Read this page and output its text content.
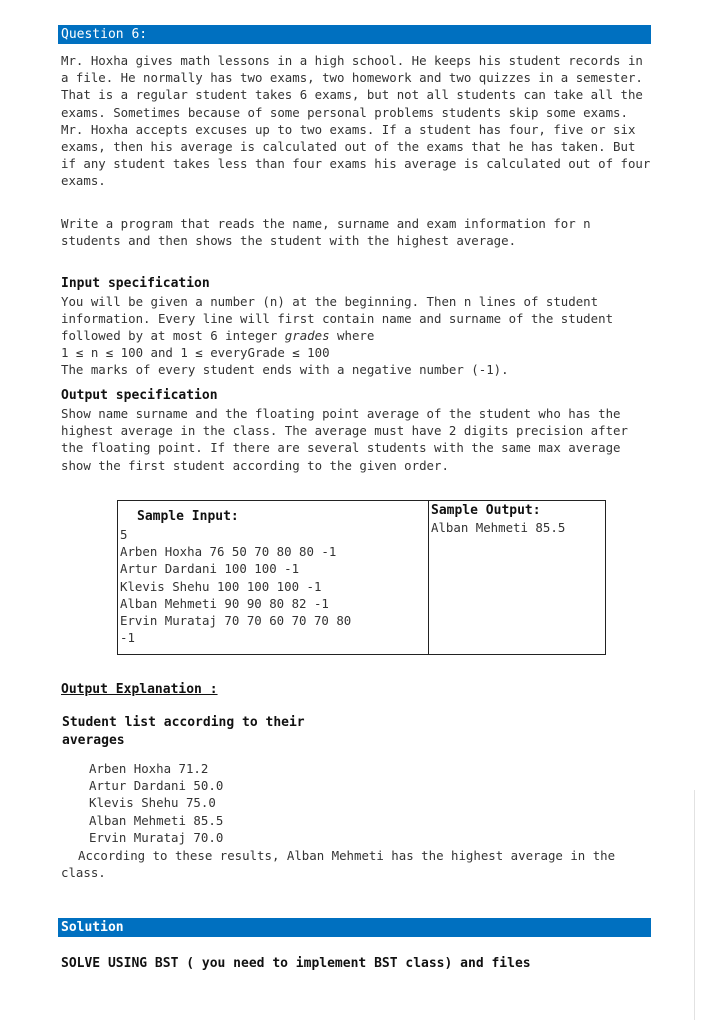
Question 6:

Mr. Hoxha gives math lessons in a high school. He keeps his student records in a file. He normally has two exams, two homework and two quizzes in a semester. That is a regular student takes 6 exams, but not all students can take all the exams. Sometimes because of some personal problems students skip some exams. Mr. Hoxha accepts excuses up to two exams. If a student has four, five or six exams, then his average is calculated out of the exams that he has taken. But if any student takes less than four exams his average is calculated out of four exams.

Write a program that reads the name, surname and exam information for n students and then shows the student with the highest average.

Input specification

You will be given a number (n) at the beginning. Then n lines of student information. Every line will first contain name and surname of the student followed by at most 6 integer grades where

1 ≤ n ≤ 100 and 1 ≤ everyGrade ≤ 100

The marks of every student ends with a negative number (-1).

Output specification

Show name surname and the floating point average of the student who has the highest average in the class. The average must have 2 digits precision after the floating point. If there are several students with the same max average show the first student according to the given order.

Sample Input:
5
Arben Hoxha 76 50 70 80 80 -1
Artur Dardani 100 100 -1
Klevis Shehu 100 100 100 -1
Alban Mehmeti 90 90 80 82 -1
Ervin Murataj 70 70 60 70 70 80
-1
Sample Output:
Alban Mehmeti 85.5
Output Explanation :
Student list according to their averages
Arben Hoxha 71.2
Artur Dardani 50.0
Klevis Shehu 75.0
Alban Mehmeti 85.5
Ervin Murataj 70.0

According to these results, Alban Mehmeti has the highest average in the class.

Solution
SOLVE USING BST ( you need to implement BST class) and files
